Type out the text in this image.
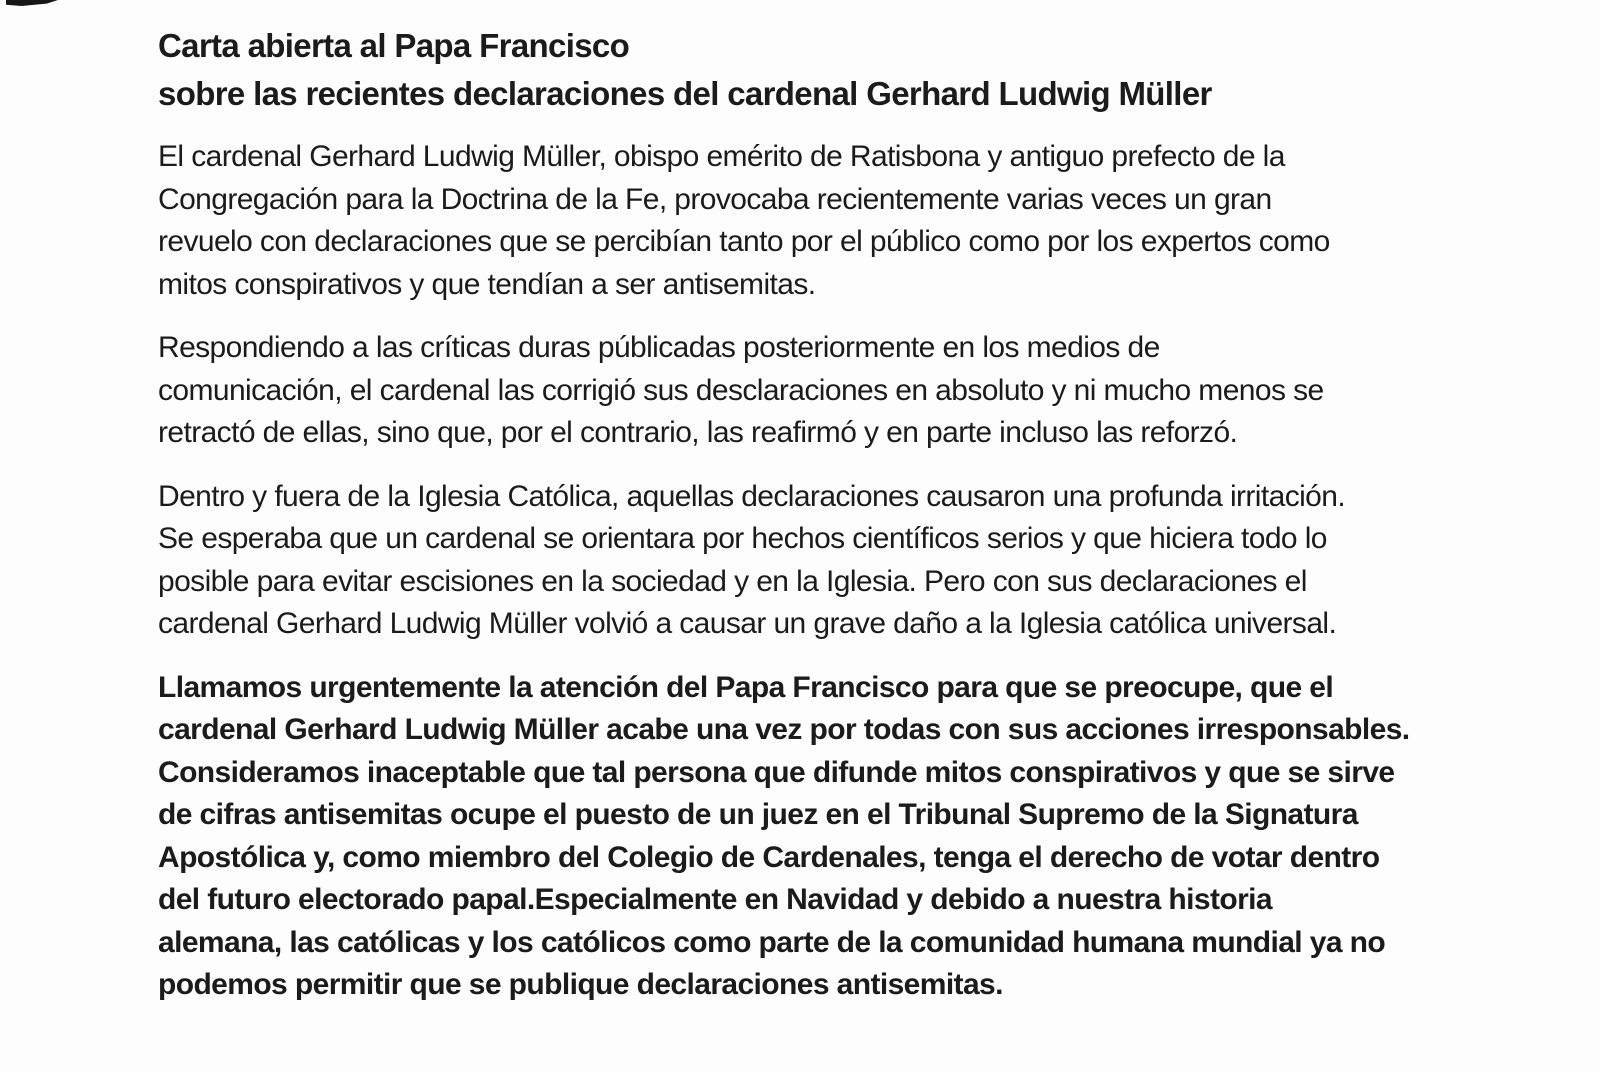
Carta abierta al Papa Francisco
sobre las recientes declaraciones del cardenal Gerhard Ludwig Müller

El cardenal Gerhard Ludwig Müller, obispo emérito de Ratisbona y antiguo prefecto de la
Congregación para la Doctrina de la Fe, provocaba recientemente varias veces un gran
revuelo con declaraciones que se percibían tanto por el público como por los expertos como
mitos conspirativos y que tendían a ser antisemitas.

Respondiendo a las críticas duras públicadas posteriormente en los medios de
comunicación, el cardenal las corrigió sus desclaraciones en absoluto y ni mucho menos se
retractó de ellas, sino que, por el contrario, las reafirmó y en parte incluso las reforzó.

Dentro y fuera de la Iglesia Católica, aquellas declaraciones causaron una profunda irritación.
Se esperaba que un cardenal se orientara por hechos científicos serios y que hiciera todo lo
posible para evitar escisiones en la sociedad y en la Iglesia. Pero con sus declaraciones el
cardenal Gerhard Ludwig Müller volvió a causar un grave daño a la Iglesia católica universal.

Llamamos urgentemente la atención del Papa Francisco para que se preocupe, que el
cardenal Gerhard Ludwig Müller acabe una vez por todas con sus acciones irresponsables.
Consideramos inaceptable que tal persona que difunde mitos conspirativos y que se sirve
de cifras antisemitas ocupe el puesto de un juez en el Tribunal Supremo de la Signatura
Apostólica y, como miembro del Colegio de Cardenales, tenga el derecho de votar dentro
del futuro electorado papal.Especialmente en Navidad y debido a nuestra historia
alemana, las católicas y los católicos como parte de la comunidad humana mundial ya no
podemos permitir que se publique declaraciones antisemitas.
